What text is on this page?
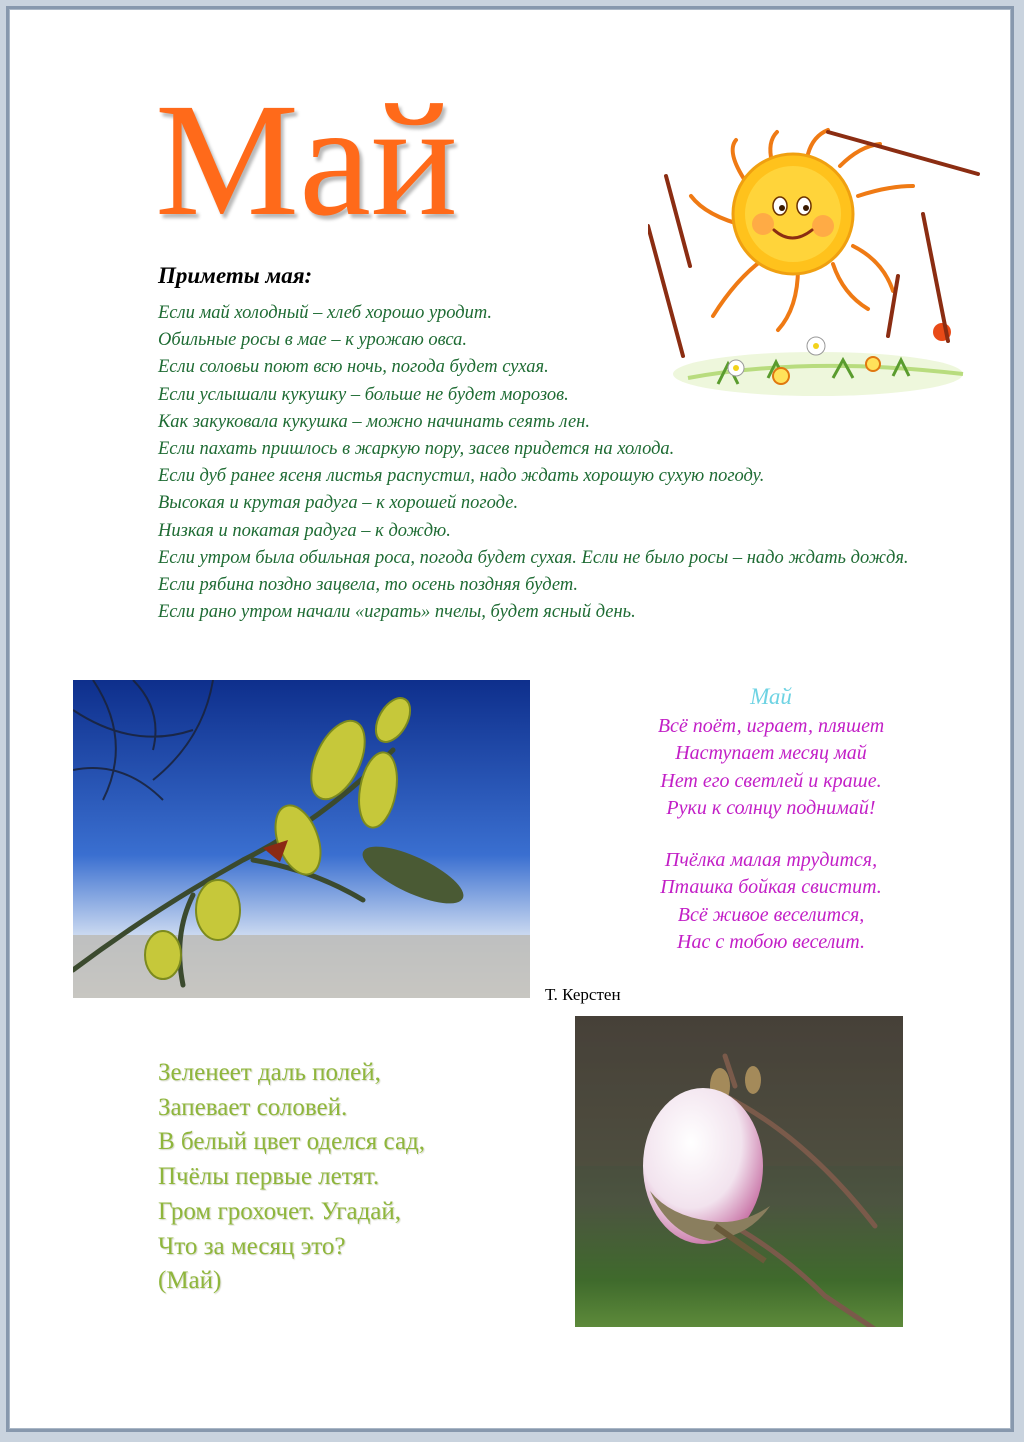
Май
Приметы мая:
Если май холодный – хлеб хорошо уродит.
Обильные росы в мае – к урожаю овса.
Если соловьи поют всю ночь, погода будет сухая.
Если услышали кукушку – больше не будет морозов.
Как закуковала кукушка – можно начинать сеять лен.
Если пахать пришлось в жаркую пору, засев придется на холода.
Если дуб ранее ясеня листья распустил, надо ждать хорошую сухую погоду.
Высокая и крутая радуга – к хорошей погоде.
Низкая и покатая радуга – к дождю.
Если утром была обильная роса, погода будет сухая. Если не было росы – надо ждать дождя.
Если рябина поздно зацвела, то осень поздняя будет.
Если рано утром начали «играть» пчелы, будет ясный день.
Май
Всё поёт, играет, пляшет
Наступает месяц май
Нет его светлей и краше.
Руки к солнцу поднимай!
Пчёлка малая трудится,
Пташка бойкая свистит.
Всё живое веселится,
Нас с тобою веселит.
Т. Керстен
Зеленеет даль полей,
Запевает соловей.
В белый цвет оделся сад,
Пчёлы первые летят.
Гром грохочет. Угадай,
Что за месяц это?
(Май)
